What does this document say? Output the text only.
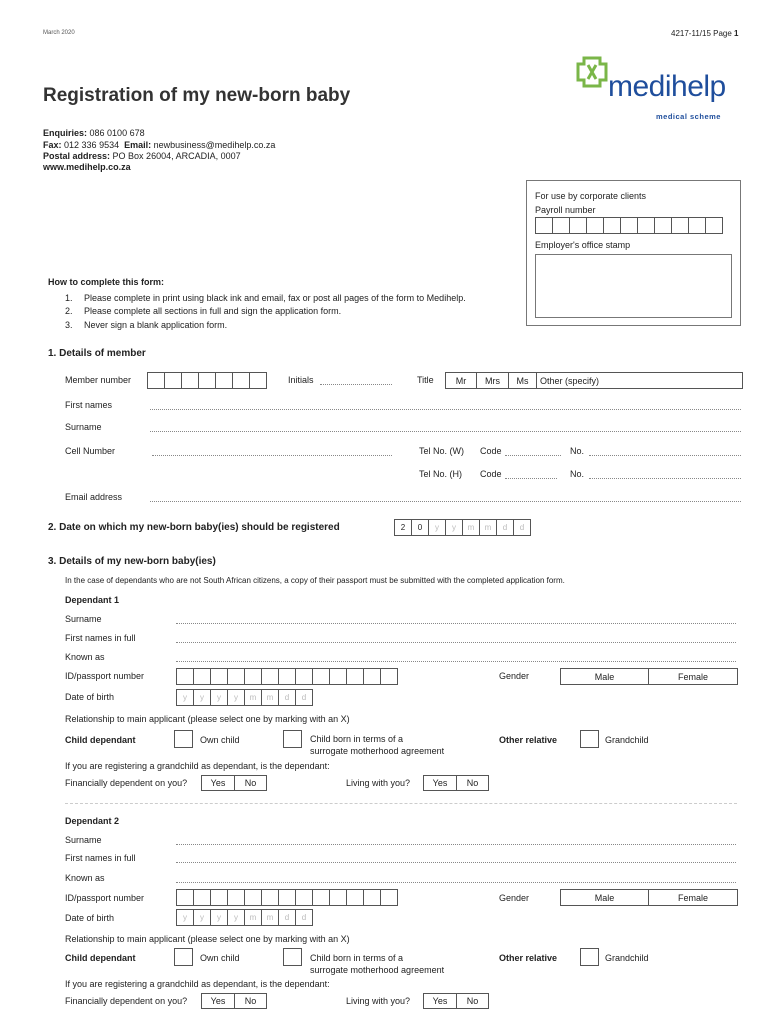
March 2020	4217-11/15 Page 1
medihelp
medical scheme
Registration of my new-born baby
Enquiries: 086 0100 678
Fax: 012 336 9534 Email: newbusiness@medihelp.co.za
Postal address: PO Box 26004, ARCADIA, 0007
www.medihelp.co.za
For use by corporate clients
Payroll number
Employer's office stamp
How to complete this form:
1. Please complete in print using black ink and email, fax or post all pages of the form to Medihelp.
2. Please complete all sections in full and sign the application form.
3. Never sign a blank application form.
1. Details of member
Member number	Initials	Title	Mr	Mrs	Ms	Other (specify)
First names
Surname
Cell Number	Tel No. (W) Code	No.
Tel No. (H) Code	No.
Email address
2. Date on which my new-born baby(ies) should be registered	2	0	y	y	m	m	d	d
3. Details of my new-born baby(ies)
In the case of dependants who are not South African citizens, a copy of their passport must be submitted with the completed application form.
Dependant 1
Surname
First names in full
Known as
ID/passport number	Gender	Male	Female
Date of birth	y	y	y	y	m	m	d	d
Relationship to main applicant (please select one by marking with an X)
Child dependant	Own child	Child born in terms of a
surrogate motherhood agreement
Other relative	Grandchild
If you are registering a grandchild as dependant, is the dependant:
Financially dependent on you?	Yes	No	Living with you?	Yes	No
Dependant 2
Surname
First names in full
Known as
ID/passport number	Gender	Male	Female
Date of birth	y	y	y	y	m	m	d	d
Relationship to main applicant (please select one by marking with an X)
Child dependant	Own child	Child born in terms of a
surrogate motherhood agreement
Other relative	Grandchild
If you are registering a grandchild as dependant, is the dependant:
Financially dependent on you?	Yes	No	Living with you?	Yes	No
